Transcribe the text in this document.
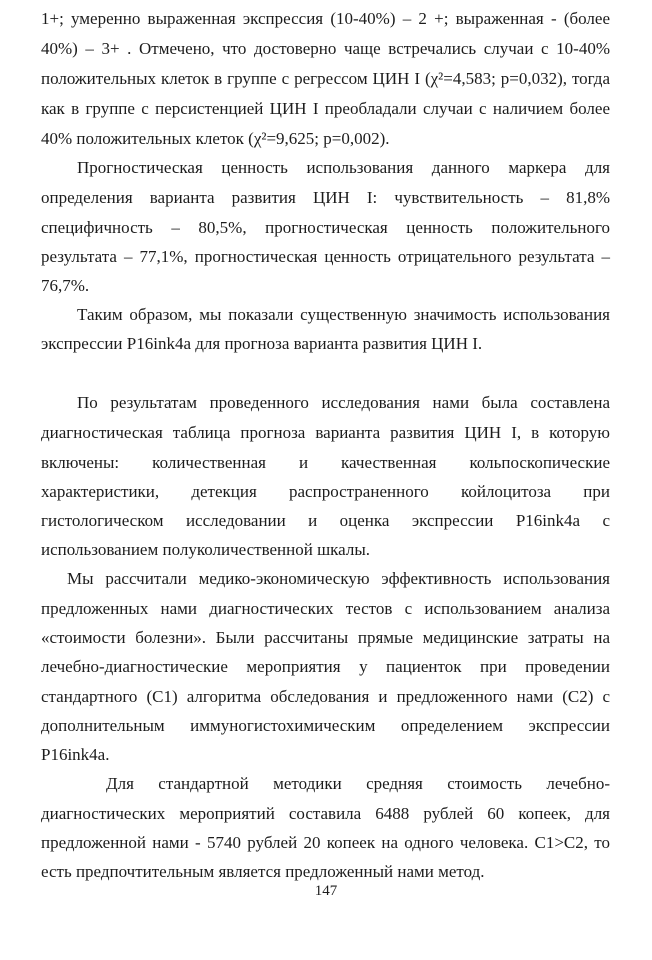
1+; умеренно выраженная экспрессия (10-40%) – 2 +; выраженная - (более
40%) – 3+ . Отмечено, что достоверно чаще встречались случаи с 10-40%
положительных клеток в группе с регрессом ЦИН I (χ²=4,583; p=0,032), тогда
как в группе с персистенцией ЦИН I преобладали случаи с наличием более
40% положительных клеток (χ²=9,625; p=0,002).
Прогностическая ценность использования данного маркера для
определения варианта развития ЦИН I: чувствительность – 81,8%
специфичность – 80,5%, прогностическая ценность положительного
результата – 77,1%, прогностическая ценность отрицательного результата –
76,7%.
Таким образом, мы показали существенную значимость использования
экспрессии P16ink4a для прогноза варианта развития ЦИН I.
По результатам проведенного исследования нами была составлена
диагностическая таблица прогноза варианта развития ЦИН I, в которую
включены: количественная и качественная кольпоскопические
характеристики, детекция распространенного койлоцитоза при
гистологическом исследовании и оценка экспрессии P16ink4a с
использованием полуколичественной шкалы.
Мы рассчитали медико-экономическую эффективность использования
предложенных нами диагностических тестов с использованием анализа
«стоимости болезни». Были рассчитаны прямые медицинские затраты на
лечебно-диагностические мероприятия у пациенток при проведении
стандартного (С1) алгоритма обследования и предложенного нами (С2) с
дополнительным иммуногистохимическим определением экспрессии
P16ink4a.
Для стандартной методики средняя стоимость лечебно-
диагностических мероприятий составила 6488 рублей 60 копеек, для
предложенной нами - 5740 рублей 20 копеек на одного человека. С1>С2, то
есть предпочтительным является предложенный нами метод.
147
